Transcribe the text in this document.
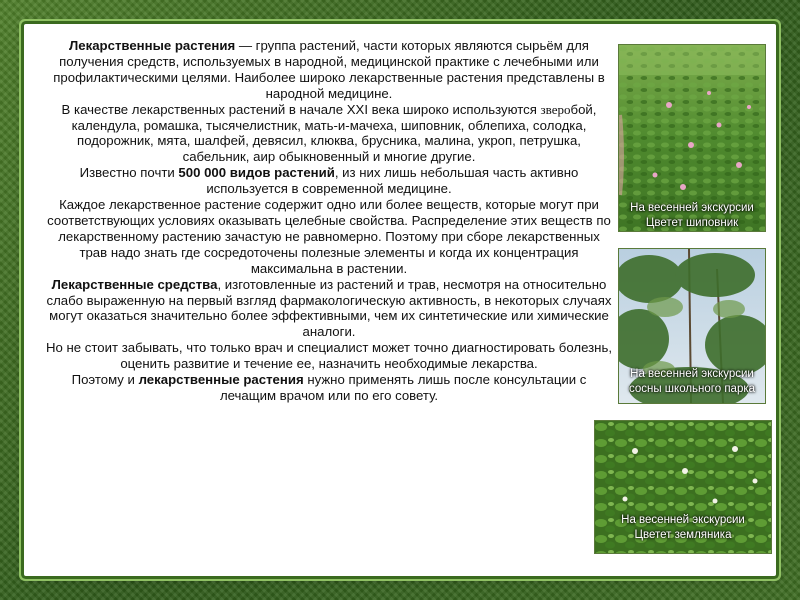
Лекарственные растения — группа растений, части которых являются сырьём для получения средств, используемых в народной, медицинской практике с лечебными или профилактическими целями. Наиболее широко лекарственные растения представлены в народной медицине.

В качестве лекарственных растений в начале XXI века широко используются зверобой, календула, ромашка, тысячелистник, мать-и-мачеха, шиповник, облепиха, солодка, подорожник, мята, шалфей, девясил, клюква, брусника, малина, укроп, петрушка, сабельник, аир обыкновенный и многие другие.

Известно почти 500 000 видов растений, из них лишь небольшая часть активно используется в современной медицине.

Каждое лекарственное растение содержит одно или более веществ, которые могут при соответствующих условиях оказывать целебные свойства. Распределение этих веществ по лекарственному растению зачастую не равномерно. Поэтому при сборе лекарственных трав надо знать где сосредоточены полезные элементы и когда их концентрация максимальна в растении.

Лекарственные средства, изготовленные из растений и трав, несмотря на относительно слабо выраженную на первый взгляд фармакологическую активность, в некоторых случаях могут оказаться значительно более эффективными, чем их синтетические или химические аналоги.

Но не стоит забывать, что только врач и специалист может точно диагностировать болезнь, оценить развитие и течение ее, назначить необходимые лекарства.

Поэтому и лекарственные растения нужно применять лишь после консультации с лечащим врачом или по его совету.

На весенней экскурсии
Цветет шиповник
На весенней экскурсии
сосны школьного парка
На весенней экскурсии
Цветет земляника
